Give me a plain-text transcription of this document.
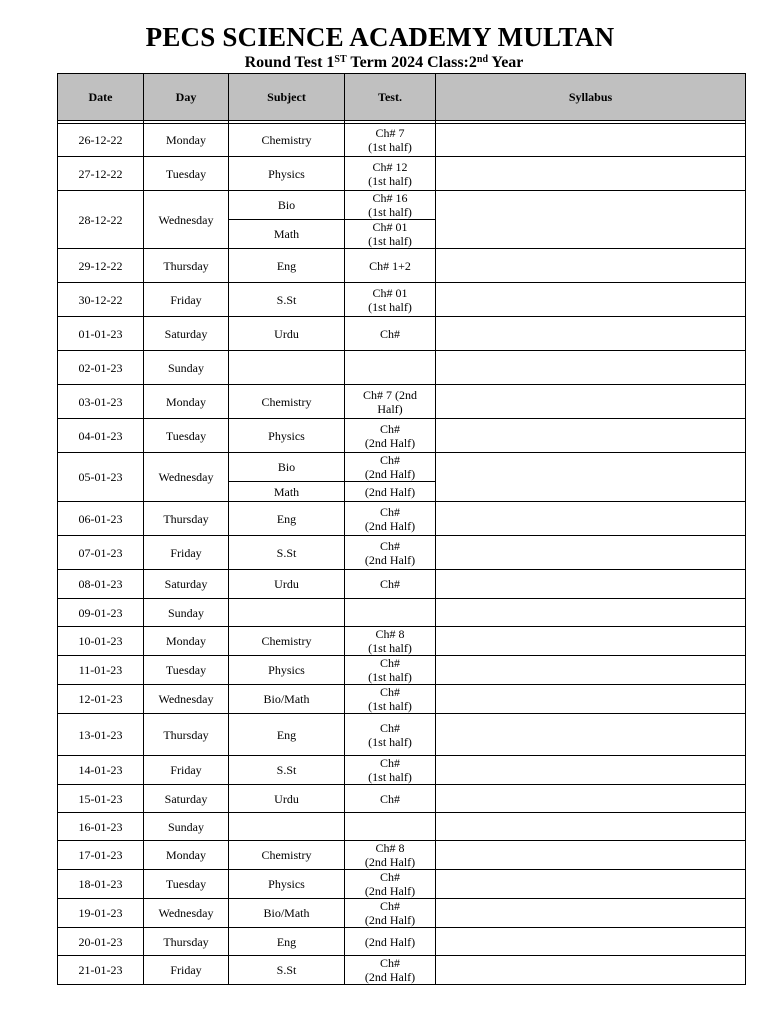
PECS SCIENCE ACADEMY MULTAN
Round Test 1ST Term 2024 Class:2nd Year
Date	Day	Subject	Test.	Syllabus

26-12-22	Monday	Chemistry	Ch# 7
(1st half)	

27-12-22	Tuesday	Physics	Ch# 12
(1st half)	

28-12-22	Wednesday	Bio	Ch# 16
(1st half)	

		Math	Ch# 01
(1st half)	

29-12-22	Thursday	Eng	Ch# 1+2	

30-12-22	Friday	S.St	Ch# 01
(1st half)	

01-01-23	Saturday	Urdu	Ch#	

02-01-23	Sunday			
03-01-23	Monday	Chemistry	Ch# 7 (2nd
Half)	

04-01-23	Tuesday	Physics	Ch#
(2nd Half)	

05-01-23	Wednesday	Bio	Ch#
(2nd Half)	

		Math	(2nd Half)	

06-01-23	Thursday	Eng	Ch#
(2nd Half)	

07-01-23	Friday	S.St	Ch#
(2nd Half)	

08-01-23	Saturday	Urdu	Ch#	

09-01-23	Sunday			
10-01-23	Monday	Chemistry	Ch# 8
(1st half)	

11-01-23	Tuesday	Physics	Ch#
(1st half)	

12-01-23	Wednesday	Bio/Math	Ch#
(1st half)	

13-01-23	Thursday	Eng	Ch#
(1st half)	

14-01-23	Friday	S.St	Ch#
(1st half)	

15-01-23	Saturday	Urdu	Ch#	

16-01-23	Sunday			
17-01-23	Monday	Chemistry	Ch# 8
(2nd Half)	

18-01-23	Tuesday	Physics	Ch#
(2nd Half)	

19-01-23	Wednesday	Bio/Math	Ch#
(2nd Half)	

20-01-23	Thursday	Eng	(2nd Half)	

21-01-23	Friday	S.St	Ch#
(2nd Half)	
